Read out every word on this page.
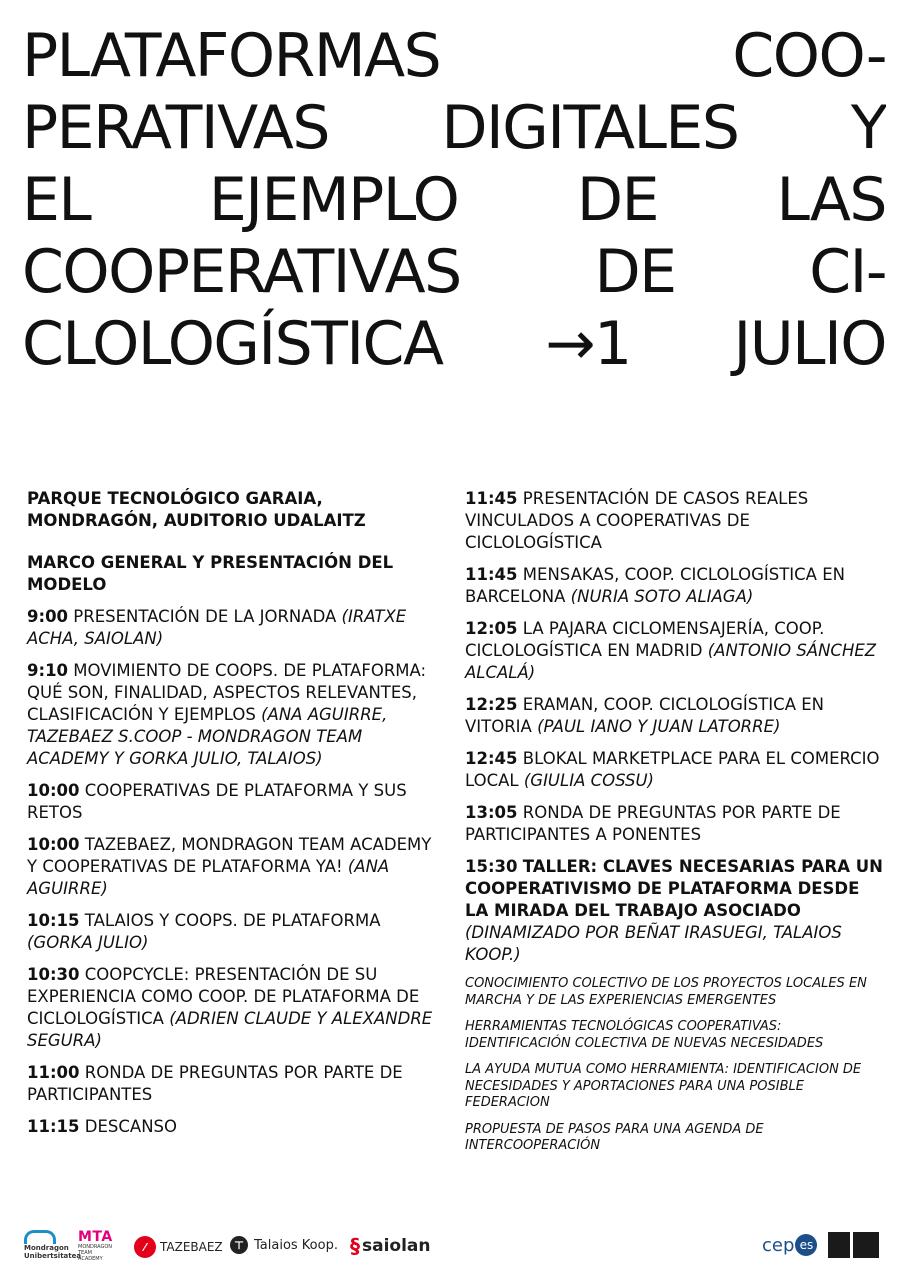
PLATAFORMAS COO-
PERATIVAS DIGITALES Y
EL EJEMPLO DE LAS
COOPERATIVAS DE CI-
CLOLOGÍSTICA →1 JULIO
PARQUE TECNOLÓGICO GARAIA, MONDRAGÓN, AUDITORIO UDALAITZ
MARCO GENERAL Y PRESENTACIÓN DEL MODELO
9:00 PRESENTACIÓN DE LA JORNADA (IRATXE ACHA, SAIOLAN)
9:10 MOVIMIENTO DE COOPS. DE PLATAFORMA: QUÉ SON, FINALIDAD, ASPECTOS RELEVANTES, CLASIFICACIÓN Y EJEMPLOS (ANA AGUIRRE, TAZEBAEZ S.COOP - MONDRAGON TEAM ACADEMY Y GORKA JULIO, TALAIOS)
10:00 COOPERATIVAS DE PLATAFORMA Y SUS RETOS
10:00 TAZEBAEZ, MONDRAGON TEAM ACADEMY Y COOPERATIVAS DE PLATAFORMA YA! (ANA AGUIRRE)
10:15 TALAIOS Y COOPS. DE PLATAFORMA (GORKA JULIO)
10:30 COOPCYCLE: PRESENTACIÓN DE SU EXPERIENCIA COMO COOP. DE PLATAFORMA DE CICLOLOGÍSTICA (ADRIEN CLAUDE Y ALEXANDRE SEGURA)
11:00 RONDA DE PREGUNTAS POR PARTE DE PARTICIPANTES
11:15 DESCANSO
11:45 PRESENTACIÓN DE CASOS REALES VINCULADOS A COOPERATIVAS DE CICLOLOGÍSTICA
11:45 MENSAKAS, COOP. CICLOLOGÍSTICA EN BARCELONA (NURIA SOTO ALIAGA)
12:05 LA PAJARA CICLOMENSAJERÍA, COOP. CICLOLOGÍSTICA EN MADRID (ANTONIO SÁNCHEZ ALCALÁ)
12:25 ERAMAN, COOP. CICLOLOGÍSTICA EN VITORIA (PAUL IANO Y JUAN LATORRE)
12:45 BLOKAL MARKETPLACE PARA EL COMERCIO LOCAL (GIULIA COSSU)
13:05 RONDA DE PREGUNTAS POR PARTE DE PARTICIPANTES A PONENTES
15:30 TALLER: CLAVES NECESARIAS PARA UN COOPERATIVISMO DE PLATAFORMA DESDE LA MIRADA DEL TRABAJO ASOCIADO (DINAMIZADO POR BEÑAT IRASUEGI, TALAIOS KOOP.)
CONOCIMIENTO COLECTIVO DE LOS PROYECTOS LOCALES EN MARCHA Y DE LAS EXPERIENCIAS EMERGENTES
HERRAMIENTAS TECNOLÓGICAS COOPERATIVAS: IDENTIFICACIÓN COLECTIVA DE NUEVAS NECESIDADES
LA AYUDA MUTUA COMO HERRAMIENTA: IDENTIFICACION DE NECESIDADES Y APORTACIONES PARA UNA POSIBLE FEDERACION
PROPUESTA DE PASOS PARA UNA AGENDA DE INTERCOOPERACIÓN
Mondragon
Unibertsitatea
MTA
MONDRAGON TEAM ACADEMY
⁄	TAZEBAEZ	⊤ Talaios Koop. § saiolan	cep es
